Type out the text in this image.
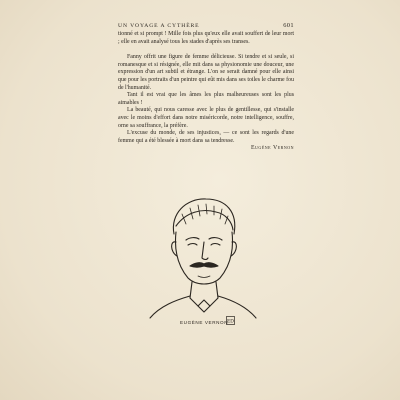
UN VOYAGE A CYTHÈRE	601

tionné et si prompt ! Mille fois plus qu'eux elle avait souffert de leur mort ; elle en avait analysé tous les stades d'après ses transes.

Fanny offrit une figure de femme délicieuse. Si tendre et si seule, si romanesque et si résignée, elle mit dans sa physionomie une douceur, une expression d'un art subtil et étrange. L'on se serait damné pour elle ainsi que pour les portraits d'un peintre qui eût mis dans ses toiles le charme fou de l'humanité.

Tant il est vrai que les âmes les plus malheureuses sont les plus aimables !

La beauté, qui nous caresse avec le plus de gentillesse, qui s'installe avec le moins d'effort dans notre miséricorde, notre intelligence, souffre, orne sa souffrance, la préfère.

L'excuse du monde, de ses injustices, — ce sont les regards d'une femme qui a été blessée à mort dans sa tendresse.

Eugène Vernon

EUGÈNE VERNON ED
